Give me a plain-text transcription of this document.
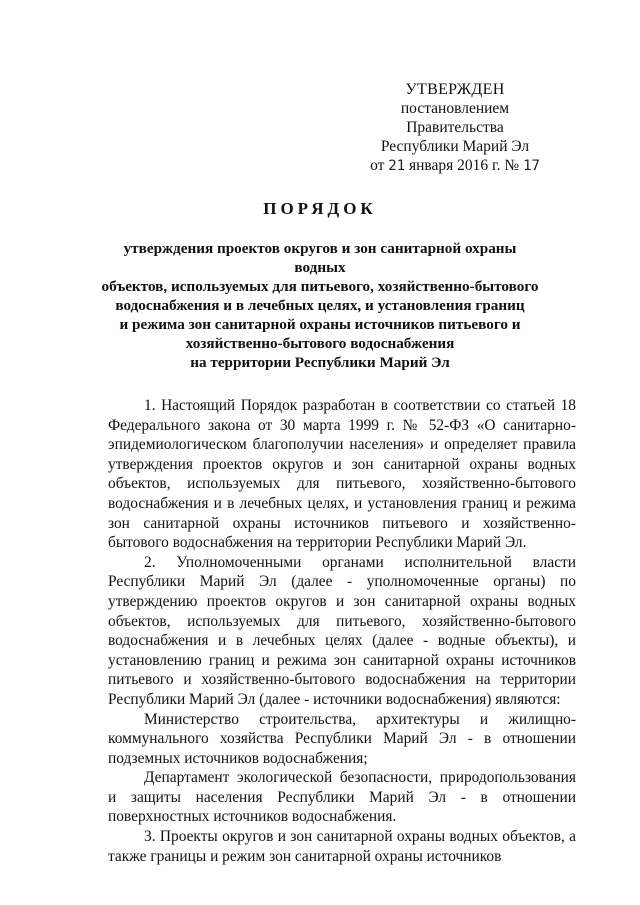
УТВЕРЖДЕН
постановлением Правительства
Республики Марий Эл
от 21 января 2016 г. № 17
ПОРЯДОК
утверждения проектов округов и зон санитарной охраны водных
объектов, используемых для питьевого, хозяйственно-бытового
водоснабжения и в лечебных целях, и установления границ
и режима зон санитарной охраны источников питьевого и
хозяйственно-бытового водоснабжения
на территории Республики Марий Эл

1. Настоящий Порядок разработан в соответствии со статьей 18 Федерального закона от 30 марта 1999 г. № 52-ФЗ «О санитарно-эпидемиологическом благополучии населения» и определяет правила утверждения проектов округов и зон санитарной охраны водных объектов, используемых для питьевого, хозяйственно-бытового водоснабжения и в лечебных целях, и установления границ и режима зон санитарной охраны источников питьевого и хозяйственно-бытового водоснабжения на территории Республики Марий Эл.

2. Уполномоченными органами исполнительной власти Республики Марий Эл (далее - уполномоченные органы) по утверждению проектов округов и зон санитарной охраны водных объектов, используемых для питьевого, хозяйственно-бытового водоснабжения и в лечебных целях (далее - водные объекты), и установлению границ и режима зон санитарной охраны источников питьевого и хозяйственно-бытового водоснабжения на территории Республики Марий Эл (далее - источники водоснабжения) являются:

Министерство строительства, архитектуры и жилищно-коммунального хозяйства Республики Марий Эл - в отношении подземных источников водоснабжения;

Департамент экологической безопасности, природопользования и защиты населения Республики Марий Эл - в отношении поверхностных источников водоснабжения.

3. Проекты округов и зон санитарной охраны водных объектов, а также границы и режим зон санитарной охраны источников
